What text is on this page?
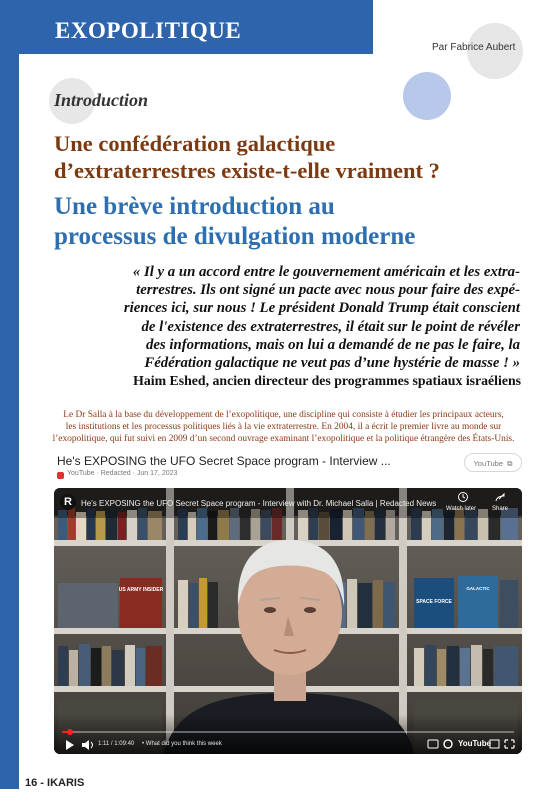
EXOPOLITIQUE
Par Fabrice Aubert
Introduction
Une confédération galactique
d’extraterrestres existe-t-elle vraiment ?
Une brève introduction au
processus de divulgation moderne
« Il y a un accord entre le gouvernement américain et les extra-
terrestres. Ils ont signé un pacte avec nous pour faire des expé-
riences ici, sur nous ! Le président Donald Trump était conscient
de l'existence des extraterrestres, il était sur le point de révéler
des informations, mais on lui a demandé de ne pas le faire, la
Fédération galactique ne veut pas d’une hystérie de masse ! »
Haim Eshed, ancien directeur des programmes spatiaux israéliens
Le Dr Salla à la base du développement de l’exopolitique, une discipline qui consiste à étudier les principaux acteurs,
les institutions et les processus politiques liés à la vie extraterrestre. En 2004, il a écrit le premier livre au monde sur
l’exopolitique, qui fut suivi en 2009 d’un second ouvrage examinant l’exopolitique et la politique étrangère des États-Unis.
He's EXPOSING the UFO Secret Space program - Interview ...
YouTube · Redacted · Jun 17, 2023
YouTube  ⧉
US ARMY INSIDER
SPACE FORCE
GALACTIC
R	He's EXPOSING the UFO Secret Space program - Interview with Dr. Michael Salla | Redacted News
Watch later	Share
1:11 / 1:09:40 • What did you think this week	YouTube
16 - IKARIS
